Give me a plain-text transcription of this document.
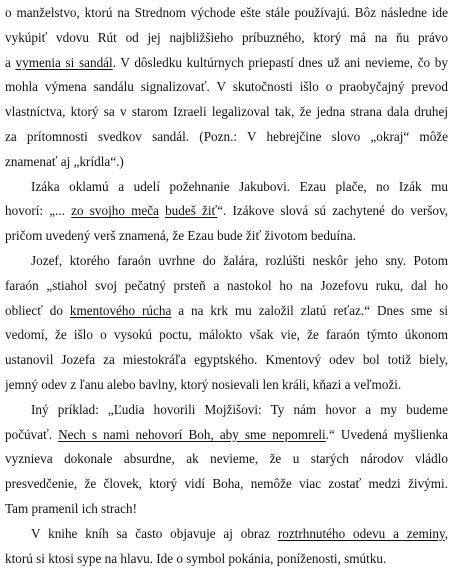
o manželstvo, ktorú na Strednom východe ešte stále používajú. Bôz následne ide
vykúpiť vdovu Rút od jej najbližšieho príbuzného, ktorý má na ňu právo
a vymenia si sandál. V dôsledku kultúrnych priepastí dnes už ani nevieme, čo by
mohla výmena sandálu signalizovať. V skutočnosti išlo o praobyčajný prevod
vlastníctva, ktorý sa v starom Izraeli legalizoval tak, že jedna strana dala druhej
za prítomnosti svedkov sandál. (Pozn.: V hebrejčine slovo „okraj“ môže
znamenať aj „krídla“.)
Izáka oklamú a udelí požehnanie Jakubovi. Ezau plače, no Izák mu
hovorí: „... zo svojho meča budeš žiť“. Izákove slová sú zachytené do veršov,
pričom uvedený verš znamená, že Ezau bude žiť životom beduína.
Jozef, ktorého faraón uvrhne do žalára, rozlúšti neskôr jeho sny. Potom
faraón „stiahol svoj pečatný prsteň a nastokol ho na Jozefovu ruku, dal ho
oblieсť do kmentového rúcha a na krk mu založil zlatú reťaz.“ Dnes sme si
vedomí, že išlo o vysokú poctu, málokto však vie, že faraón týmto úkonom
ustanovil Jozefa za miestokráľa egyptského. Kmentový odev bol totiž biely,
jemný odev z ľanu alebo bavlny, ktorý nosievali len králi, kňazi a veľmoži.
Iný príklad: „Ľudia hovorili Mojžišovi: Ty nám hovor a my budeme
počúvať. Nech s nami nehovorí Boh, aby sme nepomreli.“ Uvedená myšlienka
vyznieva dokonale absurdne, ak nevieme, že u starých národov vládlo
presvedčenie, že človek, ktorý vidí Boha, nemôže viac zostať medzi živými.
Tam pramenil ich strach!
V knihe kníh sa často objavuje aj obraz roztrhnutého odevu a zeminy,
ktorú si ktosi sype na hlavu. Ide o symbol pokánia, poníženosti, smútku.
